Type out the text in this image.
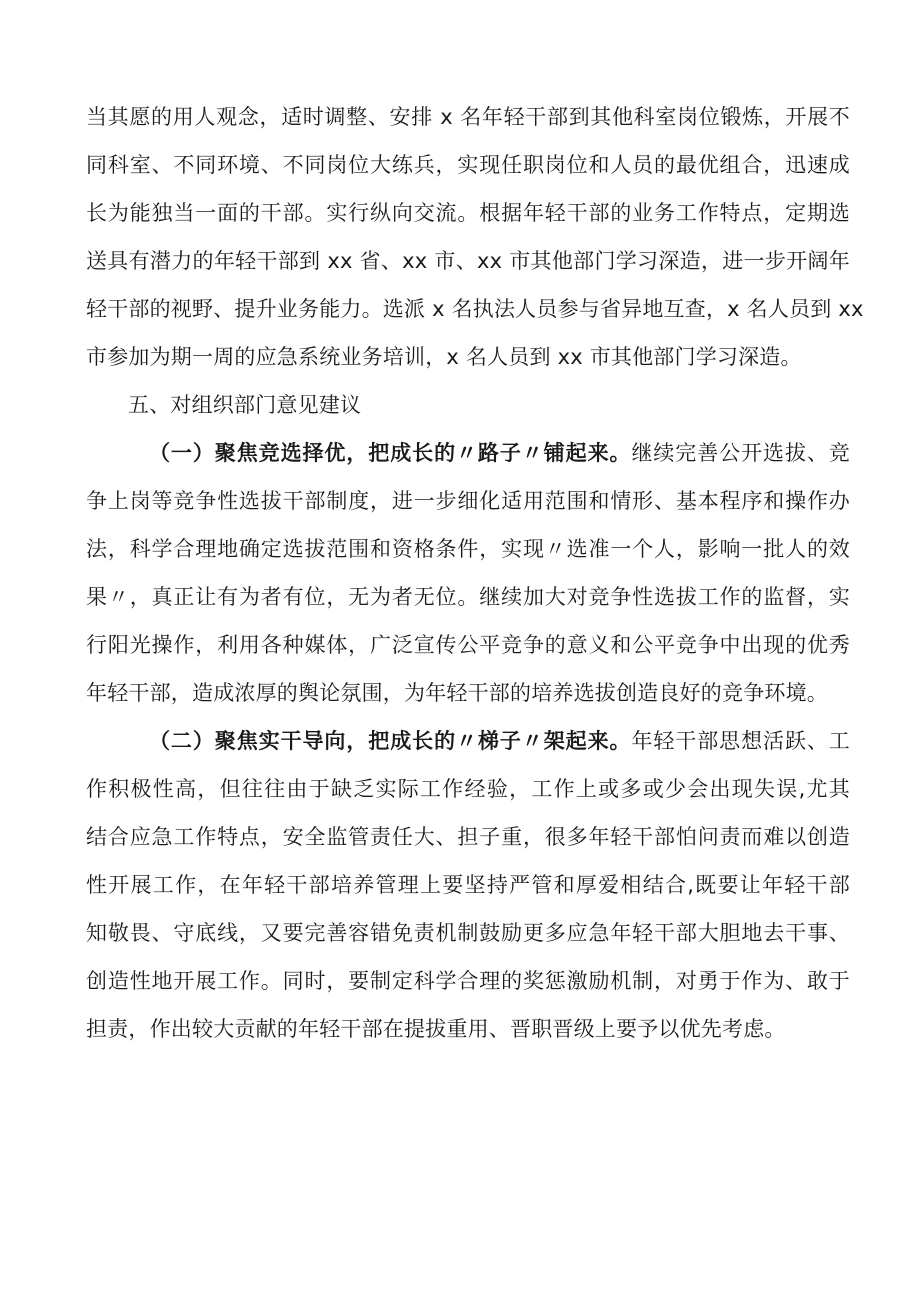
当其愿的用人观念，适时调整、安排 x 名年轻干部到其他科室岗位锻炼，开展不
同科室、不同环境、不同岗位大练兵，实现任职岗位和人员的最优组合，迅速成
长为能独当一面的干部。实行纵向交流。根据年轻干部的业务工作特点，定期选
送具有潜力的年轻干部到 xx 省、xx 市、xx 市其他部门学习深造，进一步开阔年
轻干部的视野、提升业务能力。选派 x 名执法人员参与省异地互查，x 名人员到 xx
市参加为期一周的应急系统业务培训，x 名人员到 xx 市其他部门学习深造。
五、对组织部门意见建议
（一）聚焦竞选择优，把成长的〃路子〃铺起来。继续完善公开选拔、竞
争上岗等竞争性选拔干部制度，进一步细化适用范围和情形、基本程序和操作办
法，科学合理地确定选拔范围和资格条件，实现〃选准一个人，影响一批人的效
果〃，真正让有为者有位，无为者无位。继续加大对竞争性选拔工作的监督，实
行阳光操作，利用各种媒体，广泛宣传公平竞争的意义和公平竞争中出现的优秀
年轻干部，造成浓厚的舆论氛围，为年轻干部的培养选拔创造良好的竞争环境。
（二）聚焦实干导向，把成长的〃梯子〃架起来。年轻干部思想活跃、工
作积极性高，但往往由于缺乏实际工作经验，工作上或多或少会出现失误,尤其
结合应急工作特点，安全监管责任大、担子重，很多年轻干部怕问责而难以创造
性开展工作，在年轻干部培养管理上要坚持严管和厚爱相结合,既要让年轻干部
知敬畏、守底线，又要完善容错免责机制鼓励更多应急年轻干部大胆地去干事、
创造性地开展工作。同时，要制定科学合理的奖惩激励机制，对勇于作为、敢于
担责，作出较大贡献的年轻干部在提拔重用、晋职晋级上要予以优先考虑。
